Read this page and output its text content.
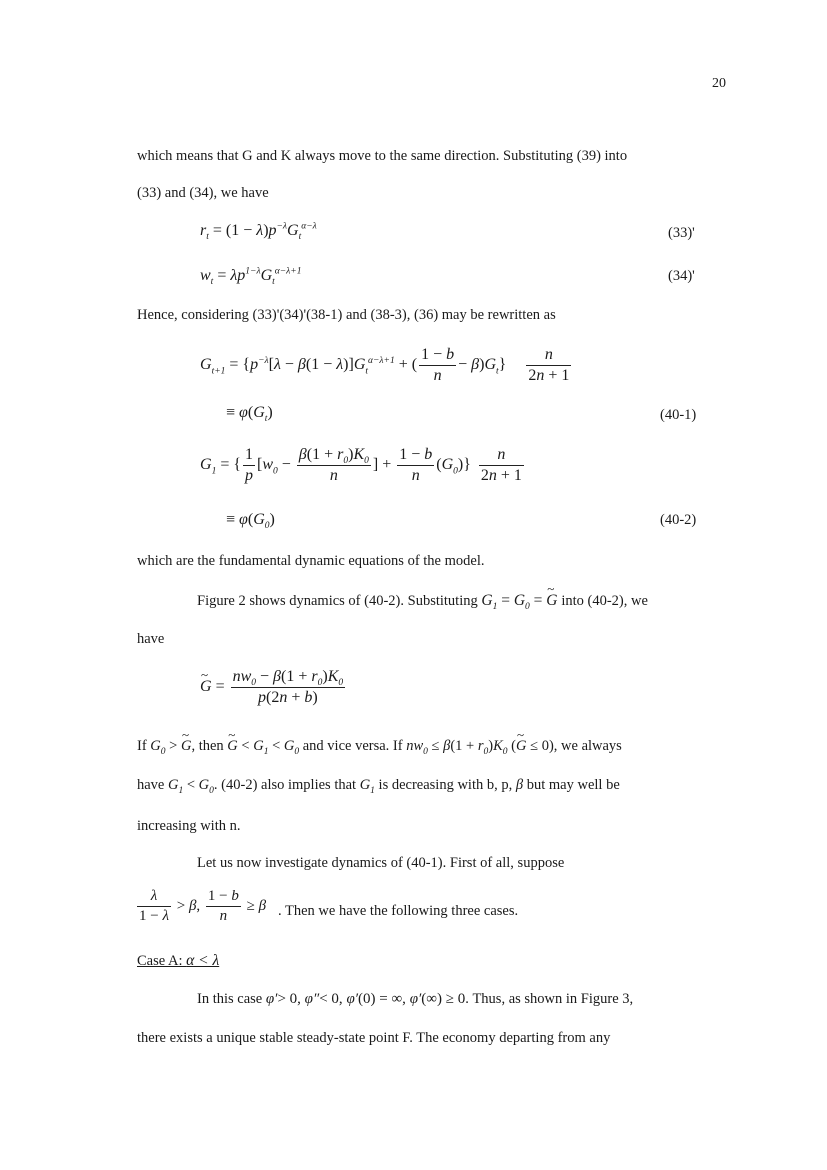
20
which means that G and K always move to the same direction. Substituting (39) into
(33) and (34), we have
$r_t = (1 - \lambda)p^{-\lambda}G_t^{\alpha-\lambda}$	(33)'
$w_t = \lambda p^{1-\lambda}G_t^{\alpha-\lambda+1}$	(34)'
Hence, considering (33)'(34)'(38-1) and (38-3), (36) may be rewritten as
$G_{t+1} = \{p^{-\lambda}[\lambda - \beta(1 - \lambda)]G_t^{\alpha-\lambda+1}$ + ( $\frac{1 - b}{n} - \beta)G_t\} \frac{n}{2n + 1}$
≡ $\varphi(G_t)$	(40-1)
$G_1$ = { $\frac{1}{p} [w_0 - \frac{\beta(1 + r_0)K_0}{n}$ ] + $\frac{1 - b}{n} (G_0)\} \frac{n}{2n + 1}$
≡ $\varphi(G_0)$	(40-2)
which are the fundamental dynamic equations of the model.
Figure 2 shows dynamics of (40-2). Substituting $G_1 = G_0$ = ~ G into (40-2), we
have
~ $G = \frac{nw_0 - \beta(1 + r_0)K_0}{p(2n + b)}$
If $G_0$ > ~ G, then ~ $G < G_1 < G_0$ and vice versa. If $nw_0 \le \beta(1 + r_0)K_0$ (~ G ≤ 0), we always
have $G_1 < G_0$. (40-2) also implies that $G_1$ is decreasing with b, p, β but may well be
increasing with n.
Let us now investigate dynamics of (40-1). First of all, suppose
$\frac{\lambda}{1 - \lambda} > \beta$, $\frac{1 - b}{n} \ge \beta$ . Then we have the following three cases.
Case A: α < λ
In this case φ′> 0, φ″< 0, φ′(0) = ∞, φ′(∞) ≥ 0. Thus, as shown in Figure 3,
there exists a unique stable steady-state point F. The economy departing from any
